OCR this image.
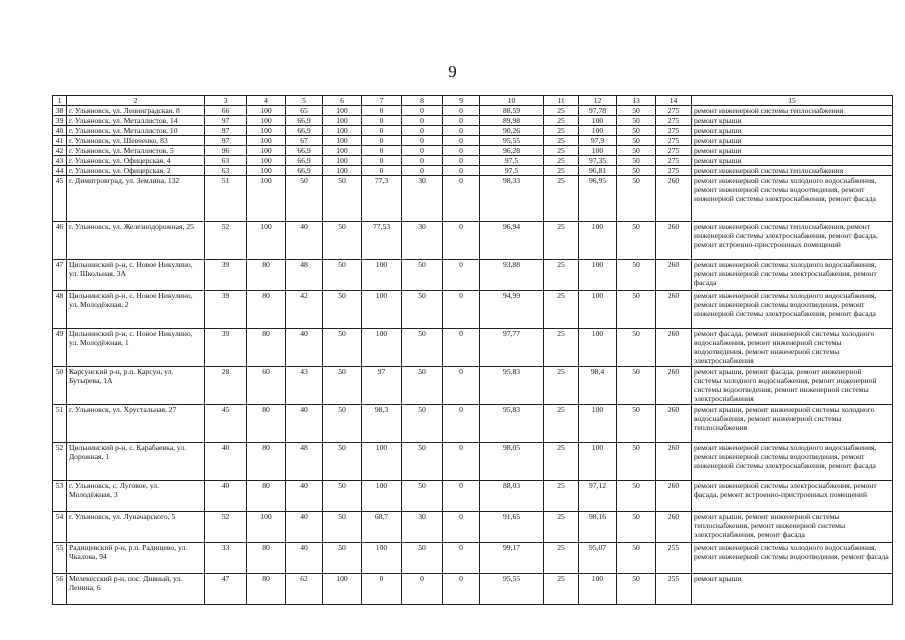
9
1	2	3	4	5	6	7	8	9	10	11	12	13	14	15
38	г. Ульяновск, ул. Ленинградская, 8	66	100	65	100	0	0	0	88,59	25	97,78	50	275	ремонт инженерной системы теплоснабжения
39	г. Ульяновск, ул. Металлистов, 14	97	100	66,9	100	0	0	0	89,98	25	100	50	275	ремонт крыши
40	г. Ульяновск, ул. Металлистов, 10	97	100	66,9	100	0	0	0	90,26	25	100	50	275	ремонт крыши
41	г. Ульяновск, ул. Шевченко, 83	97	100	67	100	0	0	0	95,55	25	97,9	50	275	ремонт крыши
42	г. Ульяновск, ул. Металлистов, 5	96	100	66,9	100	0	0	0	96,28	25	100	50	275	ремонт крыши
43	г. Ульяновск, ул. Офицерская, 4	63	100	66,9	100	0	0	0	97,5	25	97,35	50	275	ремонт крыши
44	г. Ульяновск, ул. Офицерская, 2	63	100	66,9	100	0	0	0	97,5	25	96,81	50	275	ремонт инженерной системы теплоснабжения
45	г. Димитровград, ул. Землина, 132	51	100	50	50	77,3	30	0	98,33	25	96,95	50	260	ремонт инженерной системы холодного водоснабжения, ремонт инженерной системы водоотведения, ремонт инженерной системы электроснабжения, ремонт фасада
46	г. Ульяновск, ул. Железнодорожная, 25	52	100	40	50	77,53	30	0	96,94	25	100	50	260	ремонт инженерной системы теплоснабжения, ремонт инженерной системы электроснабжения, ремонт фасада, ремонт встроенно-пристроенных помещений
47	Цильнинский р-н, с. Новое Никулино, ул. Школьная, 3А	39	80	48	50	100	50	0	93,88	25	100	50	260	ремонт инженерной системы холодного водоснабжения, ремонт инженерной системы электроснабжения, ремонт фасада
48	Цильнинский р-н, с. Новое Никулино, ул. Молодёжная, 2	39	80	42	50	100	50	0	94,99	25	100	50	260	ремонт инженерной системы холодного водоснабжения, ремонт инженерной системы водоотведения, ремонт инженерной системы электроснабжения, ремонт фасада
49	Цильнинский р-н, с. Новое Никулино, ул. Молодёжная, 1	39	80	40	50	100	50	0	97,77	25	100	50	260	ремонт фасада, ремонт инженерной системы холодного водоснабжения, ремонт инженерной системы водоотведения, ремонт инженерной системы электроснабжения
50	Карсунский р-н, р.п. Карсун, ул. Бутырева, 1А	28	60	43	50	97	50	0	95,83	25	98,4	50	260	ремонт крыши, ремонт фасада, ремонт инженерной системы холодного водоснабжения, ремонт инженерной системы водоотведения, ремонт инженерной системы электроснабжения
51	г. Ульяновск, ул. Хрустальная, 27	45	80	40	50	98,3	50	0	95,83	25	100	50	260	ремонт крыши, ремонт инженерной системы холодного водоснабжения, ремонт инженерной системы теплоснабжения
52	Цильнинский р-н, с. Карабаевка, ул. Дорожная, 1	40	80	48	50	100	50	0	98,05	25	100	50	260	ремонт инженерной системы холодного водоснабжения, ремонт инженерной системы водоотведения, ремонт инженерной системы электроснабжения, ремонт фасада
53	г. Ульяновск, с. Луговое, ул. Молодёжная, 3	40	80	40	50	100	50	0	88,03	25	97,12	50	260	ремонт инженерной системы электроснабжения, ремонт фасада, ремонт встроенно-пристроенных помещений
54	г. Ульяновск, ул. Луначарского, 5	52	100	40	50	68,7	30	0	91,65	25	98,16	50	260	ремонт крыши, ремонт инженерной системы теплоснабжения, ремонт инженерной системы электроснабжения, ремонт фасада
55	Радищевский р-н, р.п. Радищево, ул. Чкалова, 94	33	80	40	50	100	50	0	99,17	25	95,07	50	255	ремонт инженерной системы холодного водоснабжения, ремонт инженерной системы водоотведения, ремонт фасада
56	Мелекесский р-н, пос. Дивный, ул. Ленина, 6	47	80	62	100	0	0	0	95,55	25	100	50	255	ремонт крыши
